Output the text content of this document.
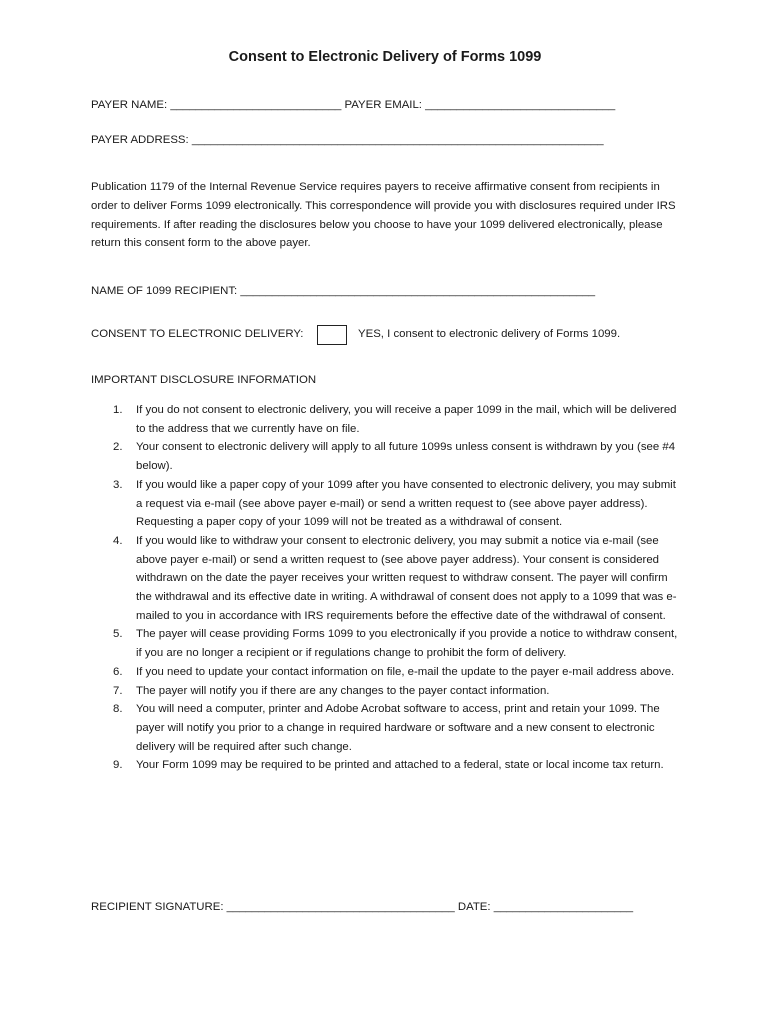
Consent to Electronic Delivery of Forms 1099
PAYER NAME: ___________________________ PAYER EMAIL: ______________________________
PAYER ADDRESS: _________________________________________________________________
Publication 1179 of the Internal Revenue Service requires payers to receive affirmative consent from recipients in order to deliver Forms 1099 electronically. This correspondence will provide you with disclosures required under IRS requirements. If after reading the disclosures below you choose to have your 1099 delivered electronically, please return this consent form to the above payer.
NAME OF 1099 RECIPIENT: ________________________________________________________
CONSENT TO ELECTRONIC DELIVERY:	YES, I consent to electronic delivery of Forms 1099.
IMPORTANT DISCLOSURE INFORMATION
1. If you do not consent to electronic delivery, you will receive a paper 1099 in the mail, which will be delivered to the address that we currently have on file.
2. Your consent to electronic delivery will apply to all future 1099s unless consent is withdrawn by you (see #4 below).
3. If you would like a paper copy of your 1099 after you have consented to electronic delivery, you may submit a request via e-mail (see above payer e-mail) or send a written request to (see above payer address). Requesting a paper copy of your 1099 will not be treated as a withdrawal of consent.
4. If you would like to withdraw your consent to electronic delivery, you may submit a notice via e-mail (see above payer e-mail) or send a written request to (see above payer address). Your consent is considered withdrawn on the date the payer receives your written request to withdraw consent. The payer will confirm the withdrawal and its effective date in writing. A withdrawal of consent does not apply to a 1099 that was e-mailed to you in accordance with IRS requirements before the effective date of the withdrawal of consent.
5. The payer will cease providing Forms 1099 to you electronically if you provide a notice to withdraw consent, if you are no longer a recipient or if regulations change to prohibit the form of delivery.
6. If you need to update your contact information on file, e-mail the update to the payer e-mail address above.
7. The payer will notify you if there are any changes to the payer contact information.
8. You will need a computer, printer and Adobe Acrobat software to access, print and retain your 1099. The payer will notify you prior to a change in required hardware or software and a new consent to electronic delivery will be required after such change.
9. Your Form 1099 may be required to be printed and attached to a federal, state or local income tax return.
RECIPIENT SIGNATURE: ____________________________________ DATE: ______________________
